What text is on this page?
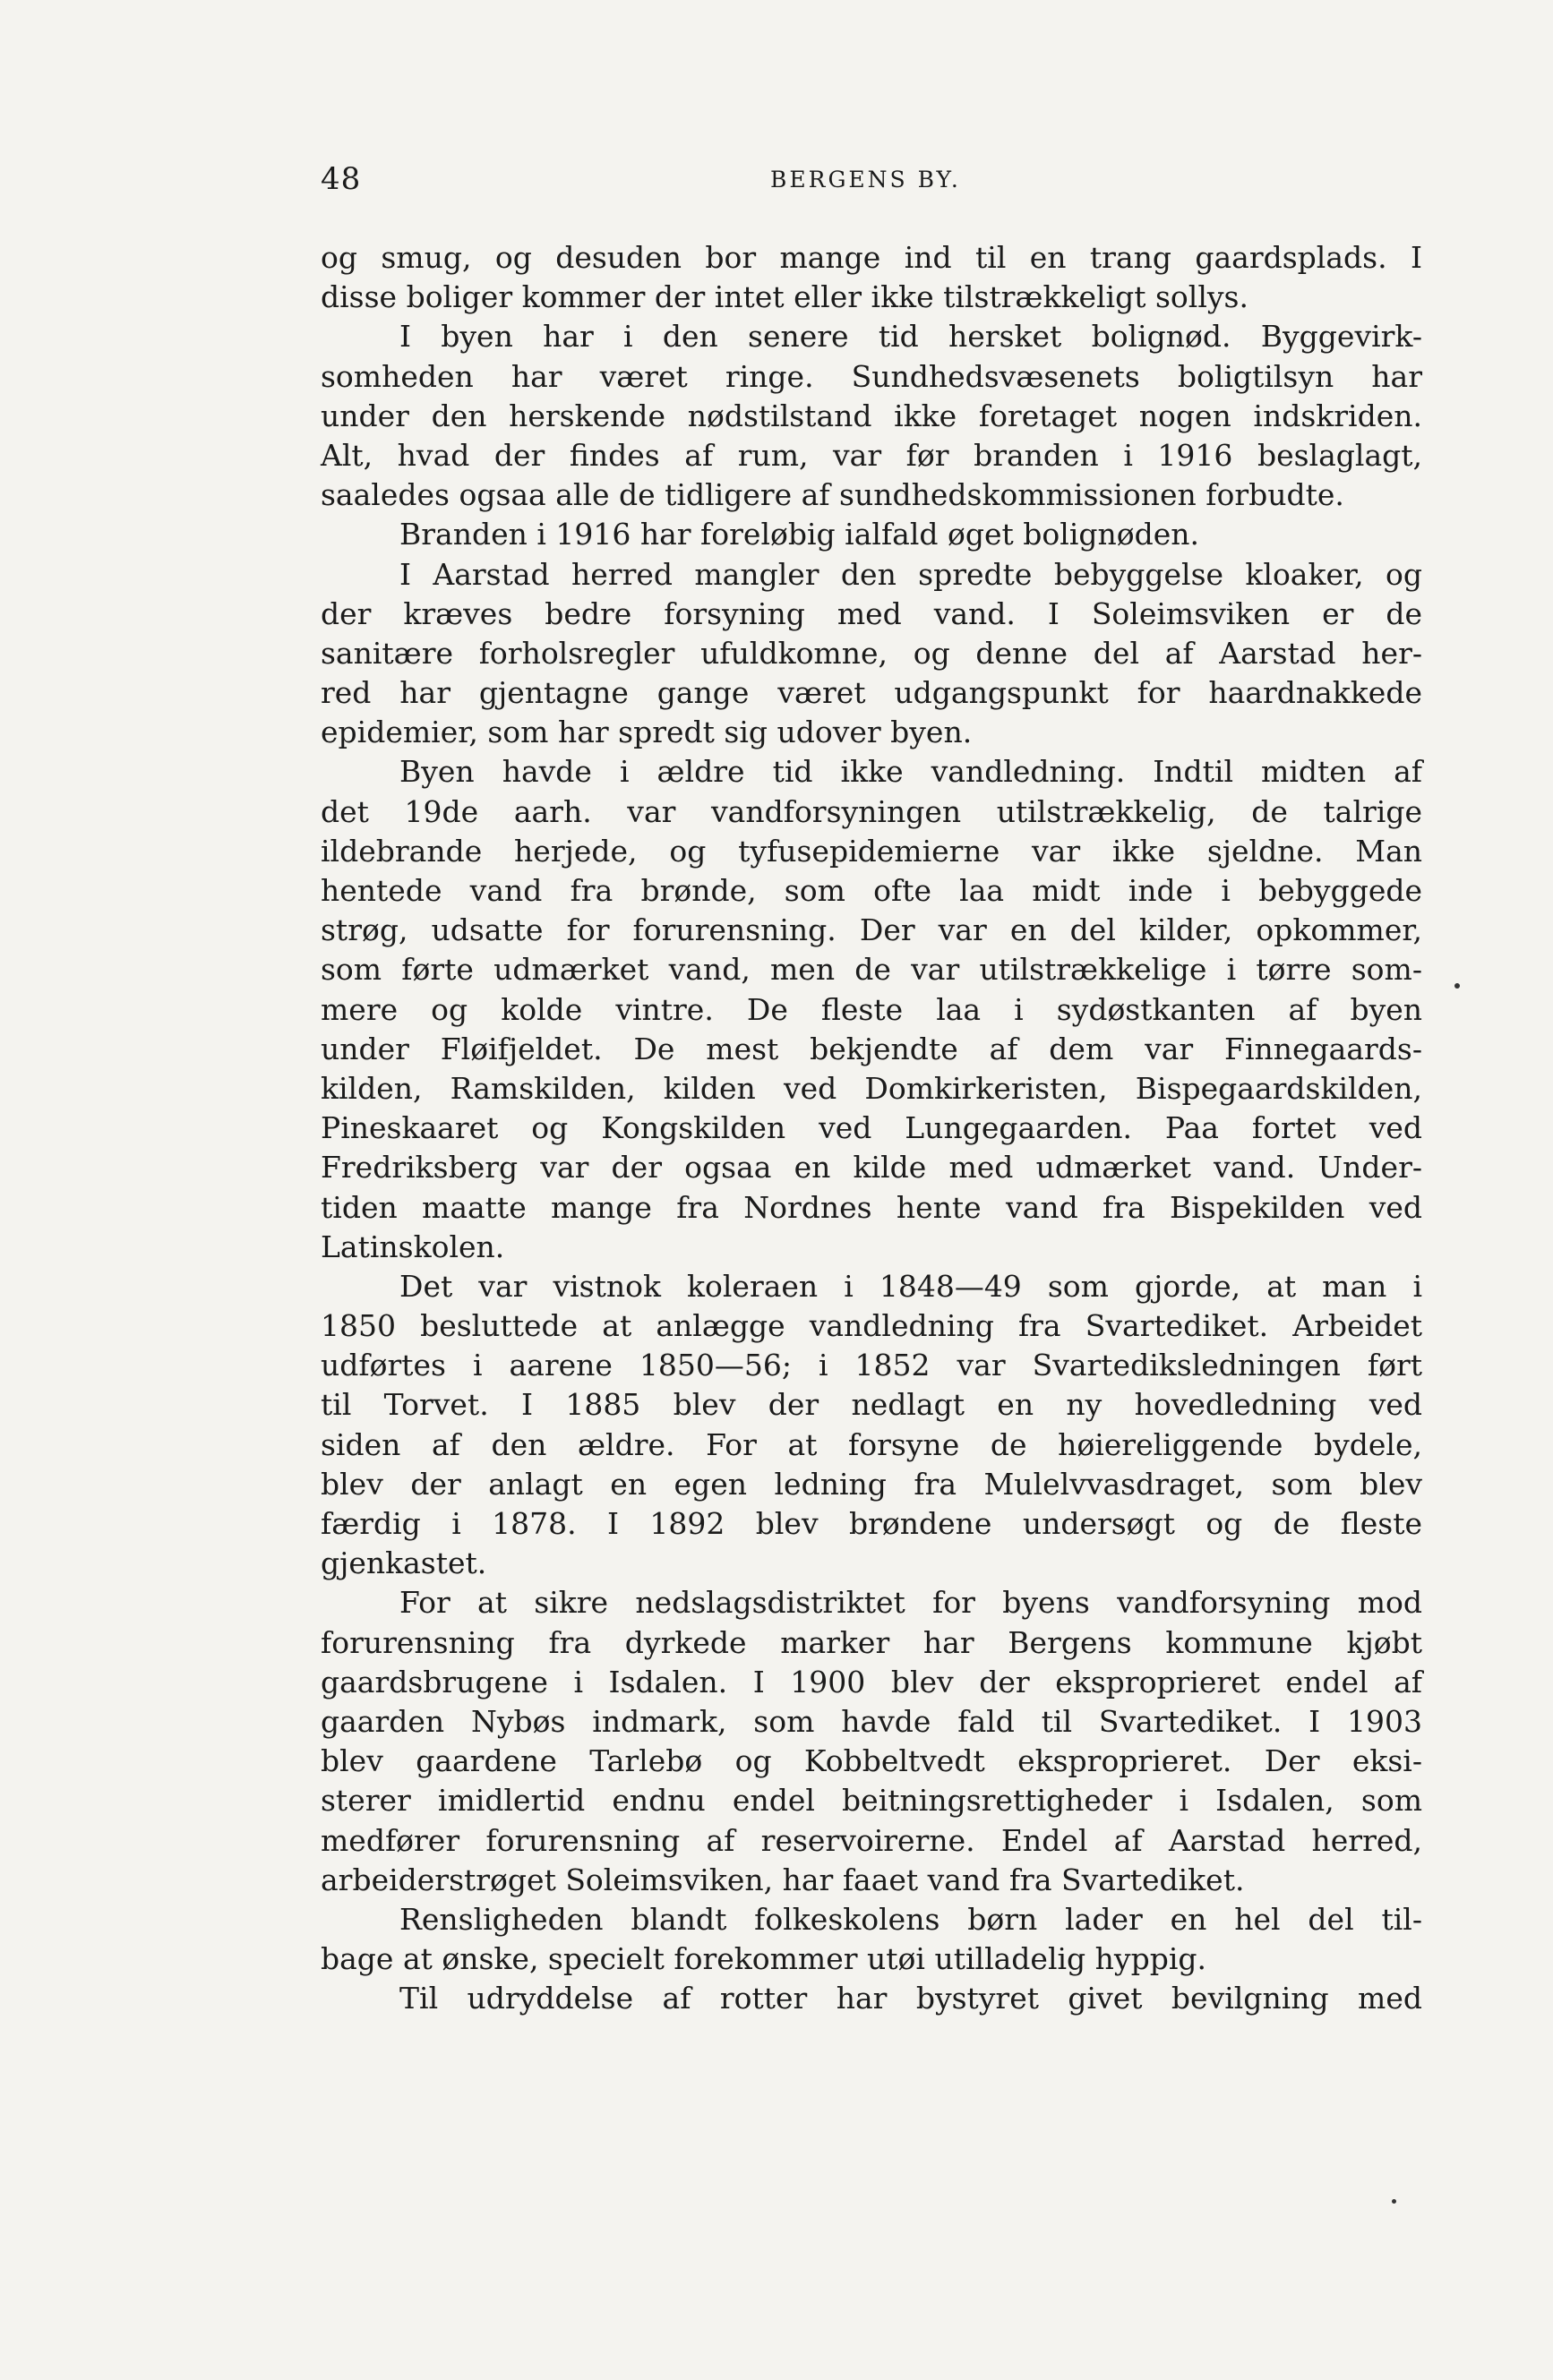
48	BERGENS BY.
og smug, og desuden bor mange ind til en trang gaardsplads. I
disse boliger kommer der intet eller ikke tilstrækkeligt sollys.
I byen har i den senere tid hersket bolignød. Byggevirk-
somheden har været ringe. Sundhedsvæsenets boligtilsyn har
under den herskende nødstilstand ikke foretaget nogen indskriden.
Alt, hvad der findes af rum, var før branden i 1916 beslaglagt,
saaledes ogsaa alle de tidligere af sundhedskommissionen forbudte.
Branden i 1916 har foreløbig ialfald øget bolignøden.
I Aarstad herred mangler den spredte bebyggelse kloaker, og
der kræves bedre forsyning med vand. I Soleimsviken er de
sanitære forholsregler ufuldkomne, og denne del af Aarstad her-
red har gjentagne gange været udgangspunkt for haardnakkede
epidemier, som har spredt sig udover byen.
Byen havde i ældre tid ikke vandledning. Indtil midten af
det 19de aarh. var vandforsyningen utilstrækkelig, de talrige
ildebrande herjede, og tyfusepidemierne var ikke sjeldne. Man
hentede vand fra brønde, som ofte laa midt inde i bebyggede
strøg, udsatte for forurensning. Der var en del kilder, opkommer,
som førte udmærket vand, men de var utilstrækkelige i tørre som-
mere og kolde vintre. De fleste laa i sydøstkanten af byen
under Fløifjeldet. De mest bekjendte af dem var Finnegaards-
kilden, Ramskilden, kilden ved Domkirkeristen, Bispegaardskilden,
Pineskaaret og Kongskilden ved Lungegaarden. Paa fortet ved
Fredriksberg var der ogsaa en kilde med udmærket vand. Under-
tiden maatte mange fra Nordnes hente vand fra Bispekilden ved
Latinskolen.
Det var vistnok koleraen i 1848—49 som gjorde, at man i
1850 besluttede at anlægge vandledning fra Svartediket. Arbeidet
udførtes i aarene 1850—56; i 1852 var Svartediksledningen ført
til Torvet. I 1885 blev der nedlagt en ny hovedledning ved
siden af den ældre. For at forsyne de høiereliggende bydele,
blev der anlagt en egen ledning fra Mulelvvasdraget, som blev
færdig i 1878. I 1892 blev brøndene undersøgt og de fleste
gjenkastet.
For at sikre nedslagsdistriktet for byens vandforsyning mod
forurensning fra dyrkede marker har Bergens kommune kjøbt
gaardsbrugene i Isdalen. I 1900 blev der eksproprieret endel af
gaarden Nybøs indmark, som havde fald til Svartediket. I 1903
blev gaardene Tarlebø og Kobbeltvedt eksproprieret. Der eksi-
sterer imidlertid endnu endel beitningsrettigheder i Isdalen, som
medfører forurensning af reservoirerne. Endel af Aarstad herred,
arbeiderstrøget Soleimsviken, har faaet vand fra Svartediket.
Rensligheden blandt folkeskolens børn lader en hel del til-
bage at ønske, specielt forekommer utøi utilladelig hyppig.
Til udryddelse af rotter har bystyret givet bevilgning med
